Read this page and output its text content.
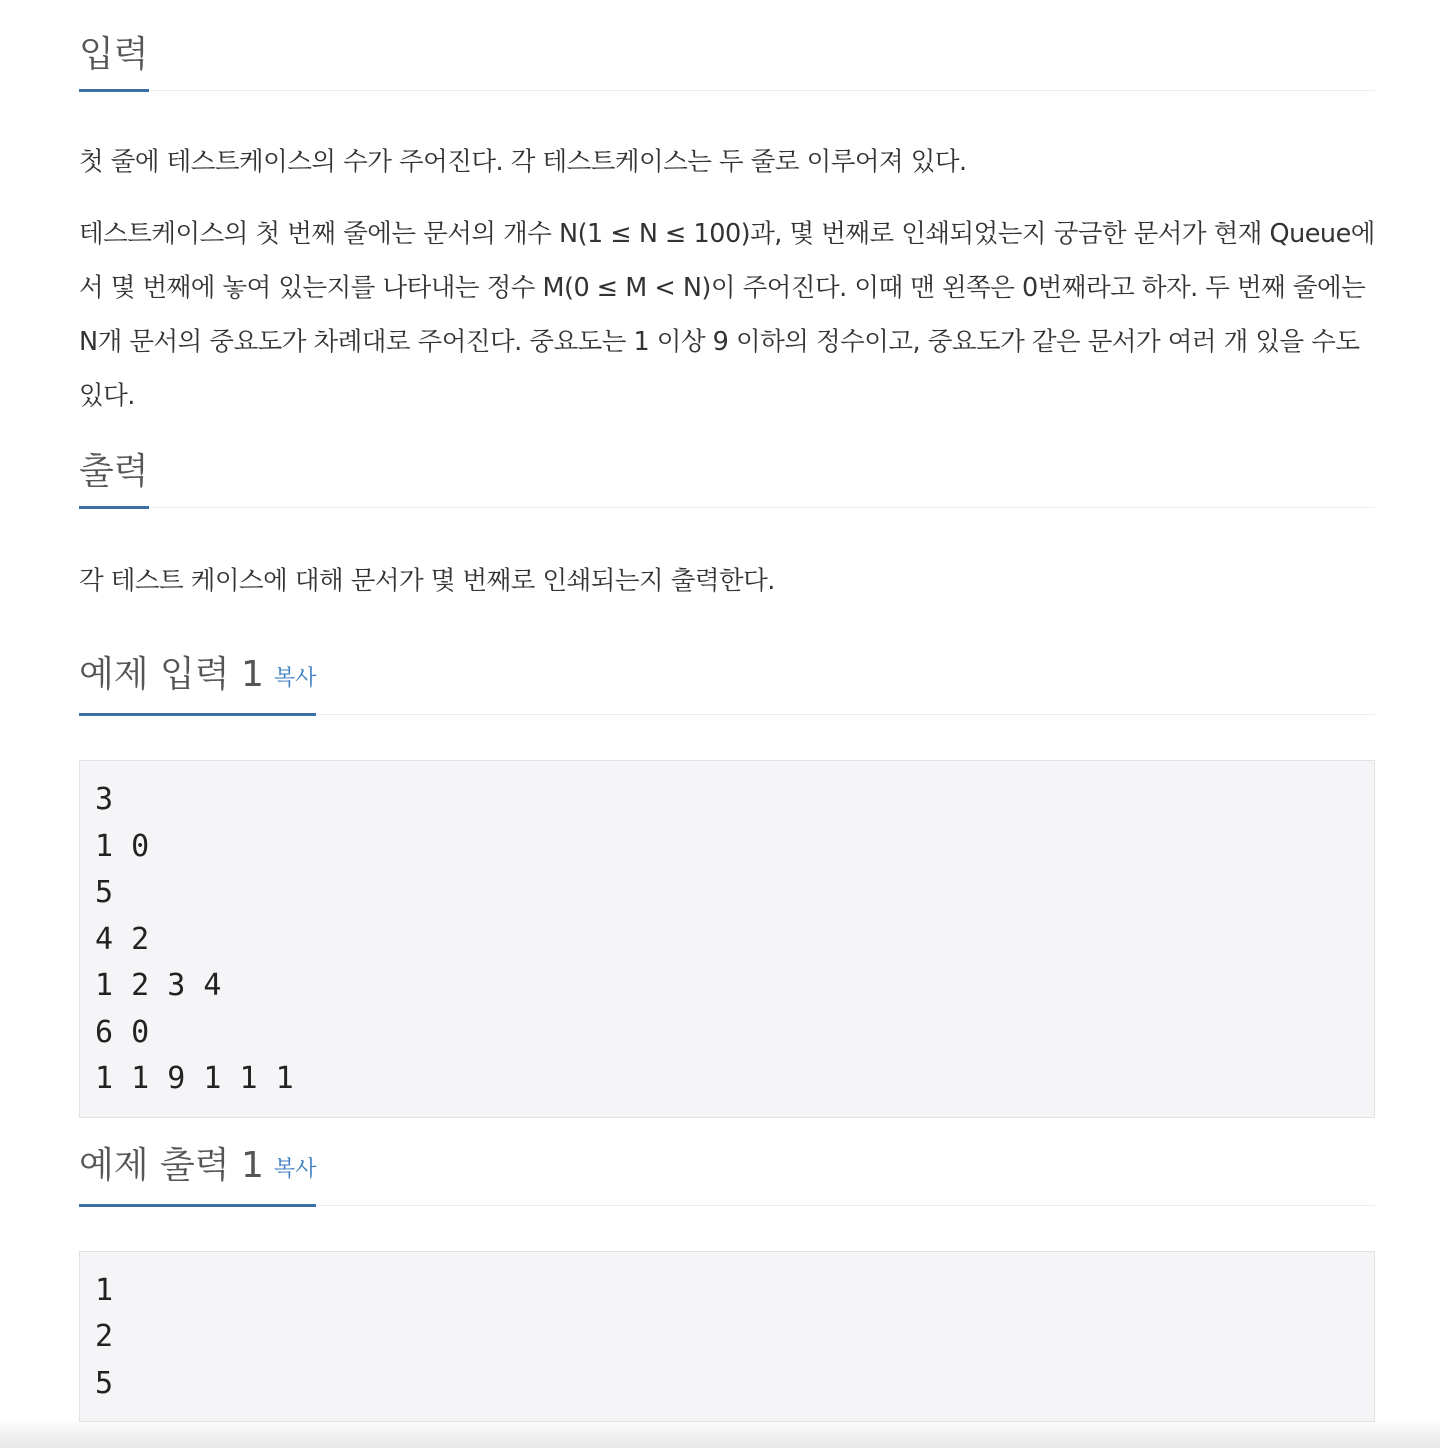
입력

첫 줄에 테스트케이스의 수가 주어진다. 각 테스트케이스는 두 줄로 이루어져 있다.

테스트케이스의 첫 번째 줄에는 문서의 개수 N(1 ≤ N ≤ 100)과, 몇 번째로 인쇄되었는지 궁금한 문서가 현재 Queue에서 몇 번째에 놓여 있는지를 나타내는 정수 M(0 ≤ M < N)이 주어진다. 이때 맨 왼쪽은 0번째라고 하자. 두 번째 줄에는 N개 문서의 중요도가 차례대로 주어진다. 중요도는 1 이상 9 이하의 정수이고, 중요도가 같은 문서가 여러 개 있을 수도 있다.

출력

각 테스트 케이스에 대해 문서가 몇 번째로 인쇄되는지 출력한다.

예제 입력 1 복사
3
1 0
5
4 2
1 2 3 4
6 0
1 1 9 1 1 1
예제 출력 1 복사
1
2
5
